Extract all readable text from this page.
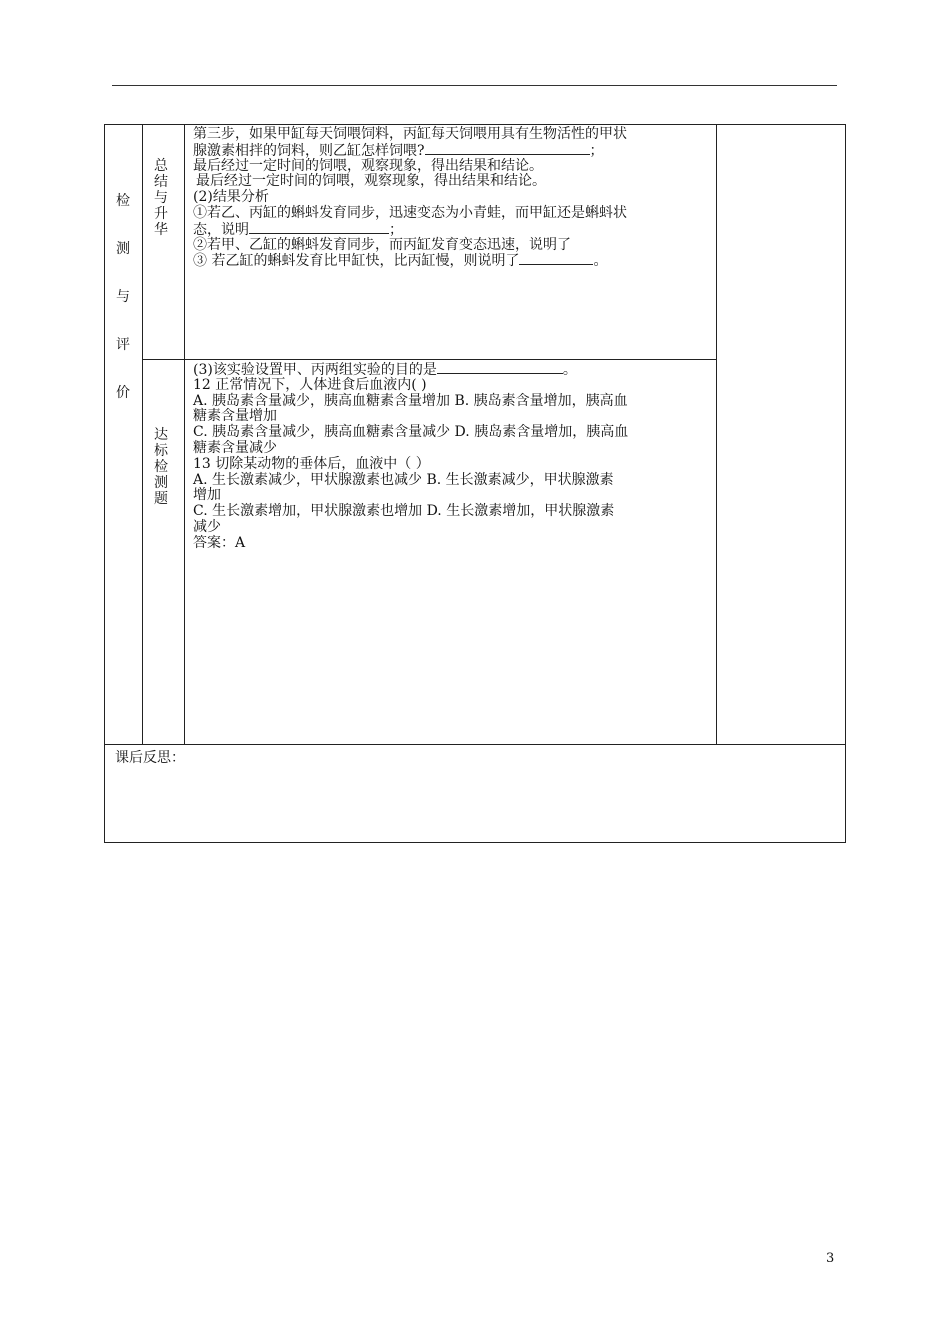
检
测
与
评
价
总
结
与
升
华
第三步，如果甲缸每天饲喂饲料，丙缸每天饲喂用具有生物活性的甲状
腺激素相拌的饲料，则乙缸怎样饲喂?	；
最后经过一定时间的饲喂，观察现象，得出结果和结论。
最后经过一定时间的饲喂，观察现象，得出结果和结论。
(2)结果分析
①若乙、丙缸的蝌蚪发育同步，迅速变态为小青蛙，而甲缸还是蝌蚪状
态，说明	；
②若甲、乙缸的蝌蚪发育同步，而丙缸发育变态迅速，说明了
③ 若乙缸的蝌蚪发育比甲缸快，比丙缸慢，则说明了	。
达
标
检
测
题
(3)该实验设置甲、丙两组实验的目的是	。
12 正常情况下，人体进食后血液内( )
A. 胰岛素含量减少，胰高血糖素含量增加 B. 胰岛素含量增加，胰高血
糖素含量增加
C. 胰岛素含量减少，胰高血糖素含量减少 D. 胰岛素含量增加，胰高血
糖素含量减少
13 切除某动物的垂体后，血液中（ ）
A. 生长激素减少，甲状腺激素也减少 B. 生长激素减少，甲状腺激素
增加
C. 生长激素增加，甲状腺激素也增加 D. 生长激素增加，甲状腺激素
减少
答案：A
课后反思：
3
